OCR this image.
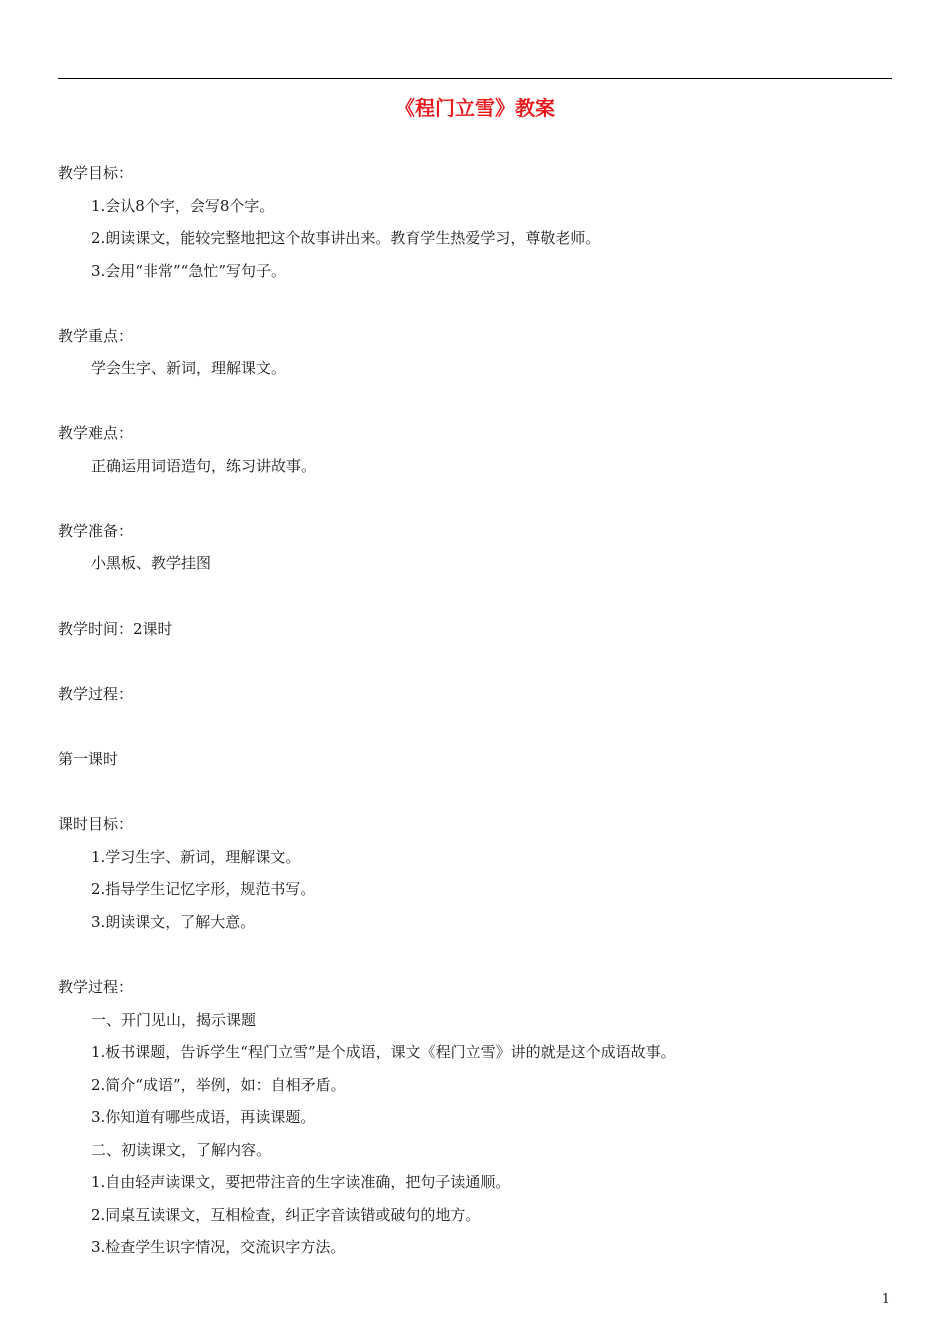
《程门立雪》教案
教学目标：
1.会认8个字，会写8个字。
2.朗读课文，能较完整地把这个故事讲出来。教育学生热爱学习，尊敬老师。
3.会用“非常”“急忙”写句子。
教学重点：
学会生字、新词，理解课文。
教学难点：
正确运用词语造句，练习讲故事。
教学准备：
小黑板、教学挂图
教学时间：2课时
教学过程：
第一课时
课时目标：
1.学习生字、新词，理解课文。
2.指导学生记忆字形，规范书写。
3.朗读课文，了解大意。
教学过程：
一、开门见山，揭示课题
1.板书课题，告诉学生“程门立雪”是个成语，课文《程门立雪》讲的就是这个成语故事。
2.简介“成语”，举例，如：自相矛盾。
3.你知道有哪些成语，再读课题。
二、初读课文，了解内容。
1.自由轻声读课文，要把带注音的生字读准确，把句子读通顺。
2.同桌互读课文，互相检查，纠正字音读错或破句的地方。
3.检查学生识字情况，交流识字方法。
1
